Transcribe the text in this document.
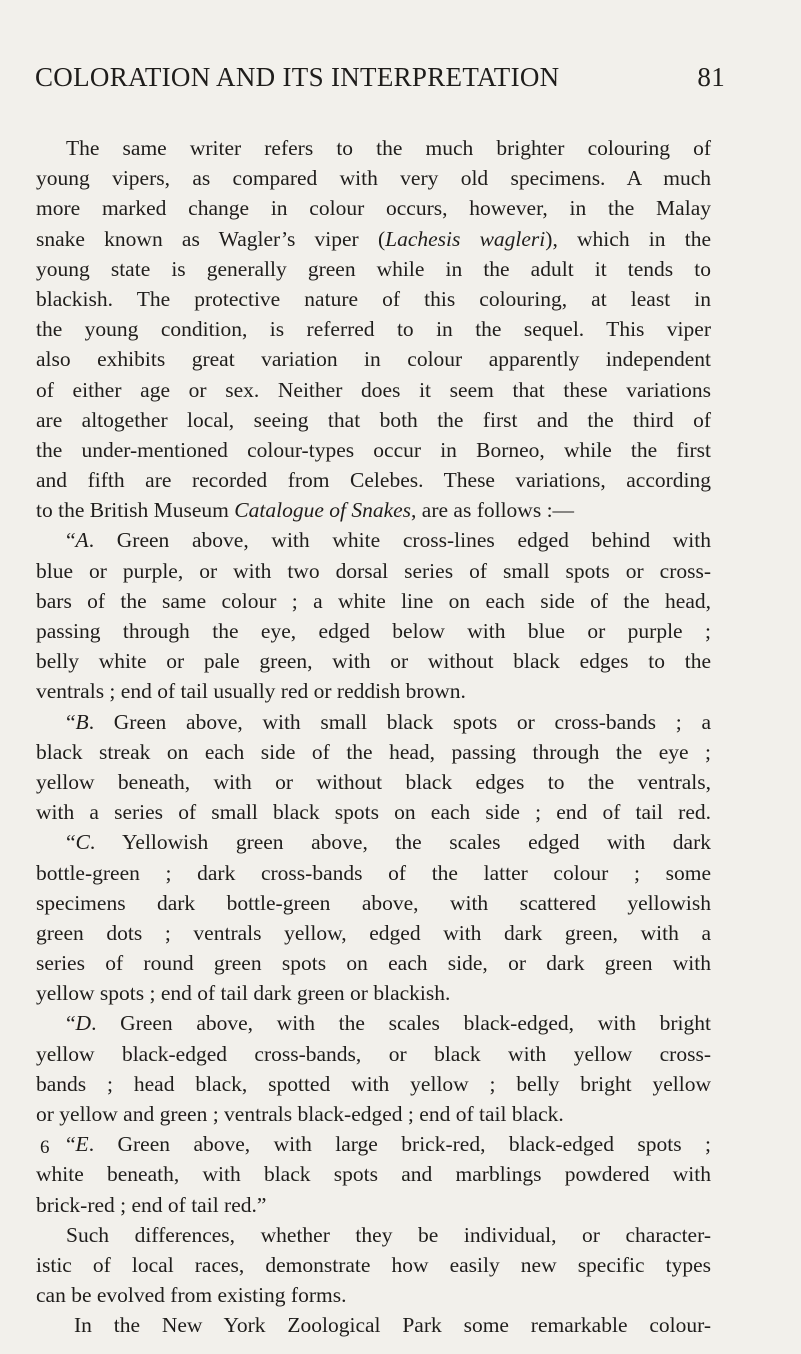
COLORATION AND ITS INTERPRETATION	81
The same writer refers to the much brighter colouring of
young vipers, as compared with very old specimens. A much
more marked change in colour occurs, however, in the Malay
snake known as Wagler’s viper (Lachesis wagleri), which in the
young state is generally green while in the adult it tends to
blackish. The protective nature of this colouring, at least in
the young condition, is referred to in the sequel. This viper
also exhibits great variation in colour apparently independent
of either age or sex. Neither does it seem that these variations
are altogether local, seeing that both the first and the third of
the under-mentioned colour-types occur in Borneo, while the first
and fifth are recorded from Celebes. These variations, according
to the British Museum Catalogue of Snakes, are as follows :—
“A. Green above, with white cross-lines edged behind with
blue or purple, or with two dorsal series of small spots or cross-
bars of the same colour ; a white line on each side of the head,
passing through the eye, edged below with blue or purple ;
belly white or pale green, with or without black edges to the
ventrals ; end of tail usually red or reddish brown.
“B. Green above, with small black spots or cross-bands ; a
black streak on each side of the head, passing through the eye ;
yellow beneath, with or without black edges to the ventrals,
with a series of small black spots on each side ; end of tail red.
“C. Yellowish green above, the scales edged with dark
bottle-green ; dark cross-bands of the latter colour ; some
specimens dark bottle-green above, with scattered yellowish
green dots ; ventrals yellow, edged with dark green, with a
series of round green spots on each side, or dark green with
yellow spots ; end of tail dark green or blackish.
“D. Green above, with the scales black-edged, with bright
yellow black-edged cross-bands, or black with yellow cross-
bands ; head black, spotted with yellow ; belly bright yellow
or yellow and green ; ventrals black-edged ; end of tail black.
“E. Green above, with large brick-red, black-edged spots ;
white beneath, with black spots and marblings powdered with
brick-red ; end of tail red.”
Such differences, whether they be individual, or character-
istic of local races, demonstrate how easily new specific types
can be evolved from existing forms.
In the New York Zoological Park some remarkable colour-
6
